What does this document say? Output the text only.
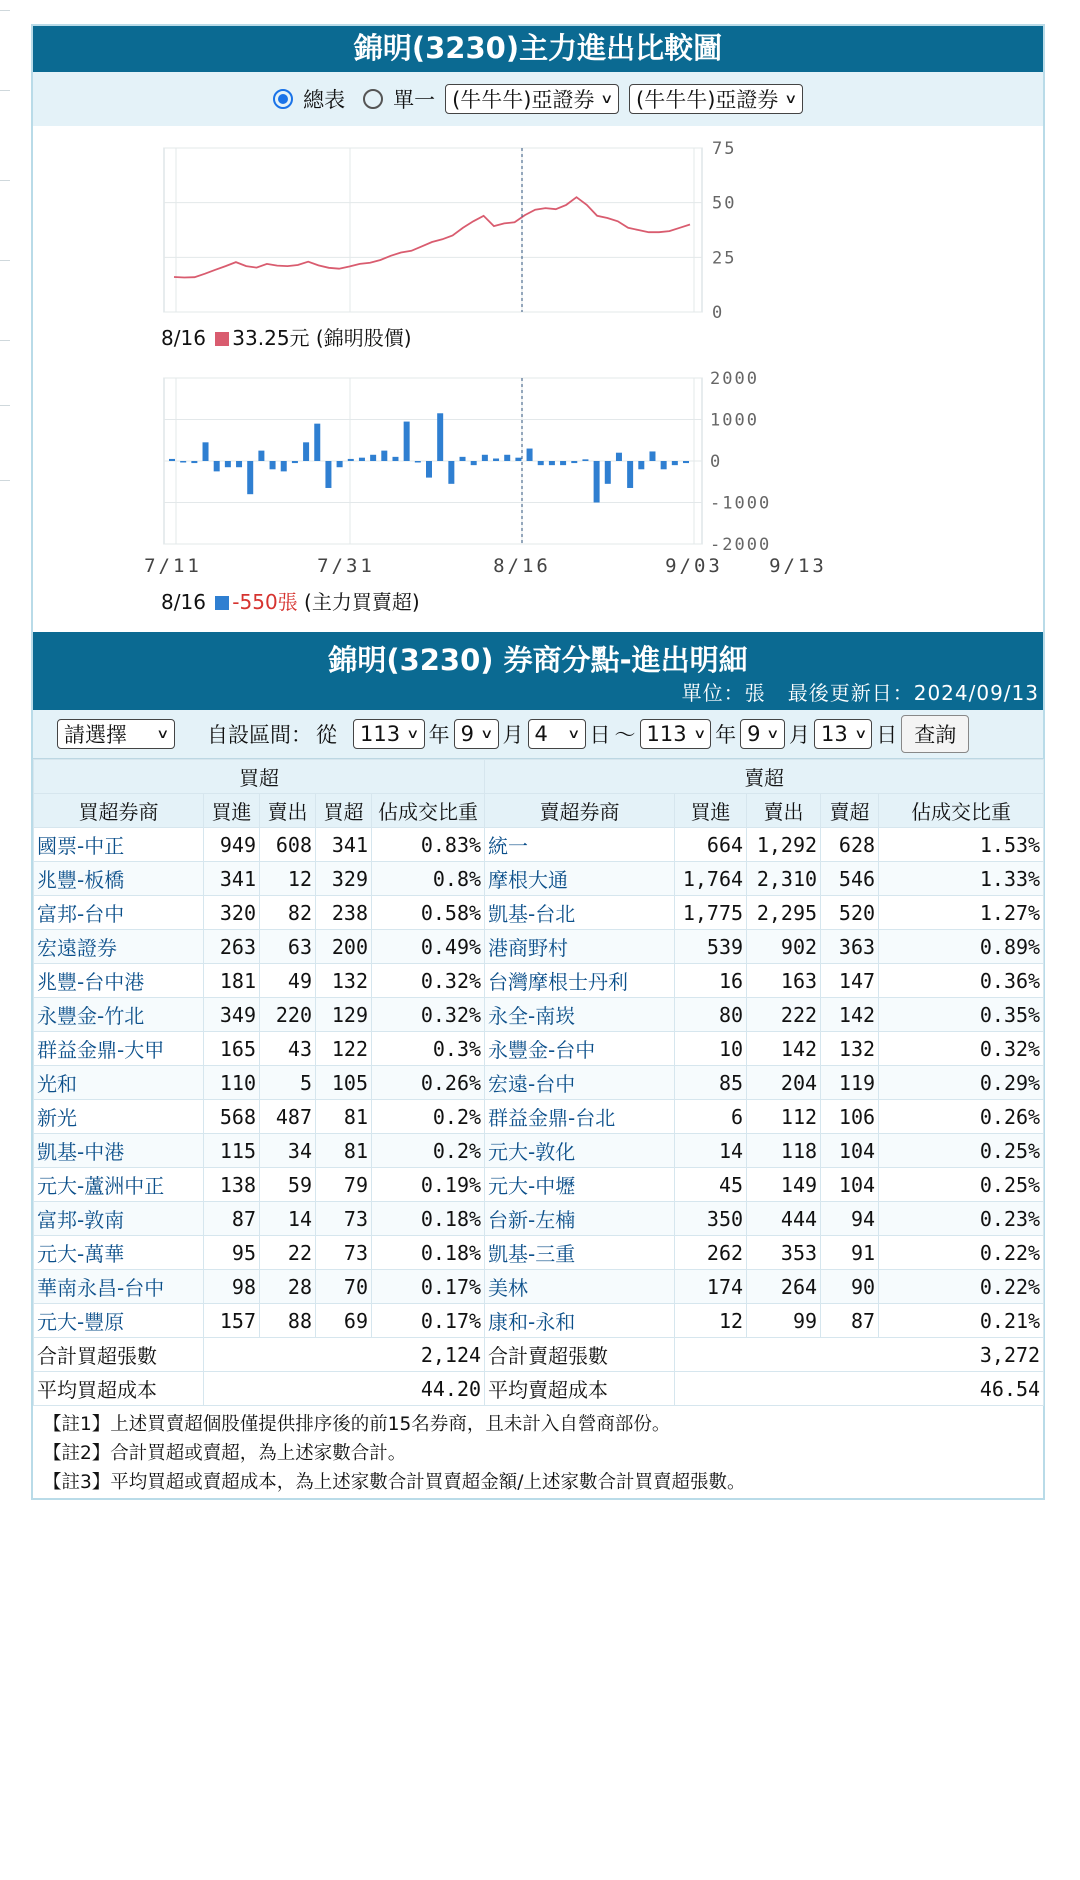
錦明(3230)主力進出比較圖
總表 單一 (牛牛牛)亞證券 ∨ (牛牛牛)亞證券 ∨
75
50
25
0
2000
1000
0
-1000
-2000
7/11	7/31	8/16	9/03 9/13
8/16 33.25元 (錦明股價)
8/16 -550張 (主力買賣超)
錦明(3230) 券商分點-進出明細
單位：張 最後更新日：2024/09/13
請選擇 ∨ 自設區間： 從 113 ∨ 年 9 ∨ 月 4 ∨ 日 ～ 113 ∨ 年 9 ∨ 月 13 ∨ 日 查詢
買超					賣超				
買超券商	買進	賣出	買超	佔成交比重	賣超券商	買進	賣出	賣超	佔成交比重
國票-中正	949	608	341	0.83%	統一	664	1,292	628	1.53%
兆豐-板橋	341	12	329	0.8%	摩根大通	1,764	2,310	546	1.33%
富邦-台中	320	82	238	0.58%	凱基-台北	1,775	2,295	520	1.27%
宏遠證券	263	63	200	0.49%	港商野村	539	902	363	0.89%
兆豐-台中港	181	49	132	0.32%	台灣摩根士丹利	16	163	147	0.36%
永豐金-竹北	349	220	129	0.32%	永全-南崁	80	222	142	0.35%
群益金鼎-大甲	165	43	122	0.3%	永豐金-台中	10	142	132	0.32%
光和	110	5	105	0.26%	宏遠-台中	85	204	119	0.29%
新光	568	487	81	0.2%	群益金鼎-台北	6	112	106	0.26%
凱基-中港	115	34	81	0.2%	元大-敦化	14	118	104	0.25%
元大-蘆洲中正	138	59	79	0.19%	元大-中壢	45	149	104	0.25%
富邦-敦南	87	14	73	0.18%	台新-左楠	350	444	94	0.23%
元大-萬華	95	22	73	0.18%	凱基-三重	262	353	91	0.22%
華南永昌-台中	98	28	70	0.17%	美林	174	264	90	0.22%
元大-豐原	157	88	69	0.17%	康和-永和	12	99	87	0.21%
合計買超張數	2,124				合計賣超張數	3,272			
平均買超成本	44.20				平均賣超成本	46.54			
【註1】上述買賣超個股僅提供排序後的前15名券商，且未計入自營商部份。
【註2】合計買超或賣超，為上述家數合計。
【註3】平均買超或賣超成本，為上述家數合計買賣超金額/上述家數合計買賣超張數。
